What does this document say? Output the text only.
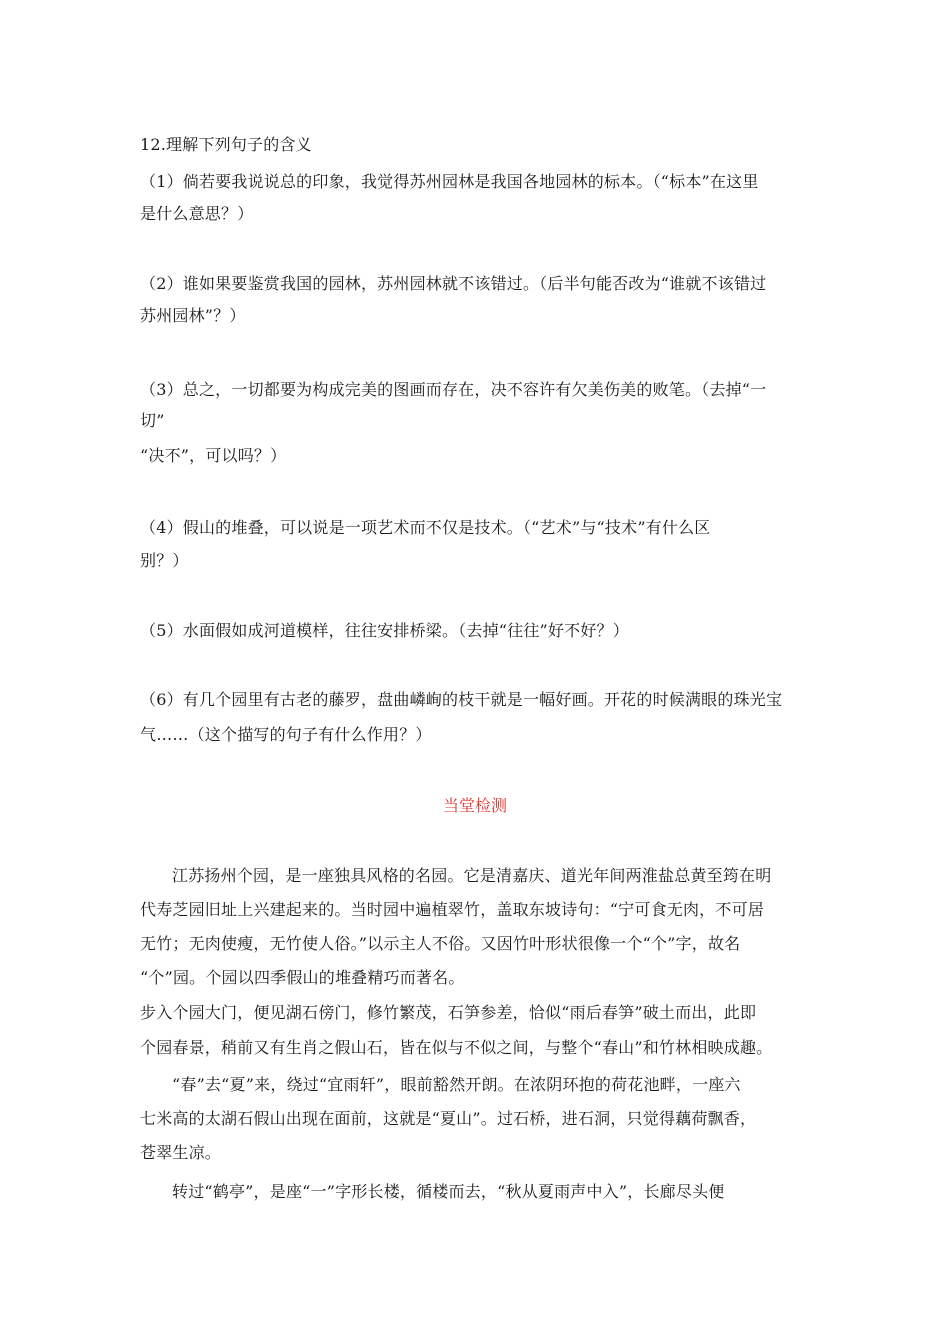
12.理解下列句子的含义
（1）倘若要我说说总的印象，我觉得苏州园林是我国各地园林的标本。（“标本”在这里
是什么意思？）
（2）谁如果要鉴赏我国的园林，苏州园林就不该错过。（后半句能否改为“谁就不该错过
苏州园林”？）
（3）总之，一切都要为构成完美的图画而存在，决不容许有欠美伤美的败笔。（去掉“一
切”
“决不”，可以吗？）
（4）假山的堆叠，可以说是一项艺术而不仅是技术。（“艺术”与“技术”有什么区
别？）
（5）水面假如成河道模样，往往安排桥梁。（去掉“往往”好不好？）
（6）有几个园里有古老的藤罗，盘曲嶙峋的枝干就是一幅好画。开花的时候满眼的珠光宝
气……（这个描写的句子有什么作用？）
当堂检测
江苏扬州个园，是一座独具风格的名园。它是清嘉庆、道光年间两淮盐总黄至筠在明
代寿芝园旧址上兴建起来的。当时园中遍植翠竹，盖取东坡诗句：“宁可食无肉，不可居
无竹；无肉使瘦，无竹使人俗。”以示主人不俗。又因竹叶形状很像一个“个”字，故名
“个”园。个园以四季假山的堆叠精巧而著名。
步入个园大门，便见湖石傍门，修竹繁茂，石笋参差，恰似“雨后春笋”破土而出，此即
个园春景，稍前又有生肖之假山石，皆在似与不似之间，与整个“春山”和竹林相映成趣。
“春”去“夏”来，绕过“宜雨轩”，眼前豁然开朗。在浓阴环抱的荷花池畔，一座六
七米高的太湖石假山出现在面前，这就是“夏山”。过石桥，进石洞，只觉得藕荷飘香，
苍翠生凉。
转过“鹤亭”，是座“一”字形长楼，循楼而去，“秋从夏雨声中入”，长廊尽头便
